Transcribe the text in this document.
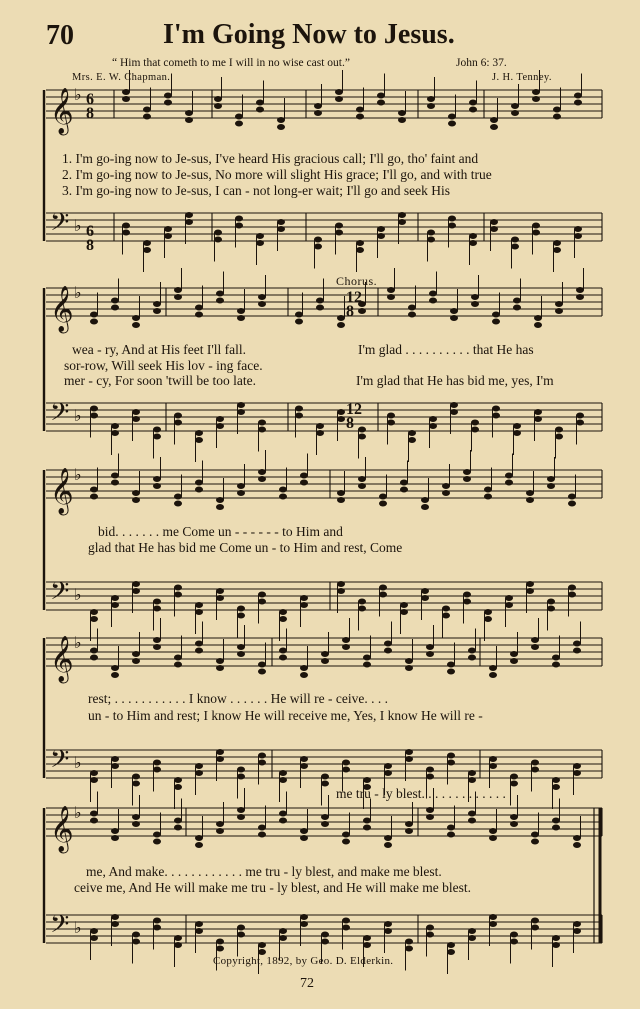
70	I'm Going Now to Jesus.
“ Him that cometh to me I will in no wise cast out.”	John 6: 37.
Mrs. E. W. Chapman.	J. H. Tenney.
𝄞 ♭
𝄢 ♭
𝄞 ♭
𝄢 ♭
𝄞 ♭
𝄢 ♭
𝄞 ♭
𝄢 ♭
𝄞 ♭
𝄢 ♭
6
8
6
8
12
8
12
8
1. I'm go-ing now to Je-sus, I've heard His gracious call; I'll go, tho' faint and
2. I'm go-ing now to Je-sus, No more will slight His grace; I'll go, and with true
3. I'm go-ing now to Je-sus, I can - not long-er wait; I'll go and seek His
Chorus.
wea - ry, And at His feet I'll fall.
sor-row, Will seek His lov - ing face.
mer - cy, For soon 'twill be too late.
I'm glad . . . . . . . . . . that He has
I'm glad that He has bid me, yes, I'm
bid. . . . . . . me Come un - - - - - - to Him and
glad that He has bid me Come un - to Him and rest, Come
rest; . . . . . . . . . . . I know . . . . . . He will re - ceive. . . .
un - to Him and rest; I know He will receive me, Yes, I know He will re -
me tru - ly blest. . . . . . . . . . . . .
me, And make. . . . . . . . . . . . me tru - ly blest, and make me blest.
ceive me, And He will make me tru - ly blest, and He will make me blest.
Copyright, 1892, by Geo. D. Elderkin.
72
